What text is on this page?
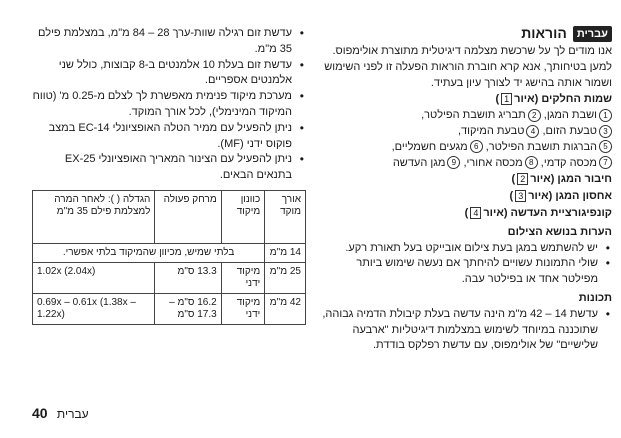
עברית
הוראות

אנו מודים לך על שרכשת מצלמה דיגיטלית מתוצרת אולימפוס. למען בטיחותך, אנא קרא חוברת הוראות הפעלה זו לפני השימוש ושמור אותה בהישג יד לצורך עיון בעתיד.

שמות החלקים (איור1)

1ושבת המגן, 2תבריג תושבת הפילטר,
3טבעת הזום, 4טבעת המיקוד,
5הברגות תושבת הפילטר, 6מגעים חשמליים,
7מכסה קדמי, 8מכסה אחורי, 9מגן העדשה

חיבור המגן (איור2)

אחסון המגן (איור3)

קונפיגורציית העדשה (איור4)

הערות בנושא הצילום

• יש להשתמש במגן בעת צילום אובייקט בעל תאורת רקע.
• שולי התמונות עשויים להיחתך אם נעשה שימוש ביותר מפילטר אחד או בפילטר עבה.

תכונות

• עדשת 14 – 42 מ"מ הינה עדשה בעלת קיבולת הדמיה גבוהה, שתוכננה במיוחד לשימוש במצלמות דיגיטליות "ארבעה שלישיים" של אולימפוס, עם עדשת רפלקס בודדת.
• עדשת זום רגילה שוות-ערך 28 – 84 מ"מ, במצלמת פילם 35 מ"מ.
• עדשת זום בעלת 10 אלמנטים ב-8 קבוצות, כולל שני אלמנטים אספריים.
• מערכת מיקוד פנימית מאפשרת לך לצלם מ-0.25 מ' (טווח המיקוד המינימלי), לכל אורך המוקד.
• ניתן להפעיל עם ממיר הטלה האופציונלי EC-14 במצב פוקוס ידני (MF).
• ניתן להפעיל עם הצינור המאריך האופציונלי EX-25 בתנאים הבאים.
אורך מוקד	כוונון מיקוד	מרחק פעולה	הגדלה ( ): לאחר המרה למצלמת פילם 35 מ"מ
14 מ"מ	בלתי שמיש, מכיוון שהמיקוד בלתי אפשרי.		
25 מ"מ	מיקוד ידני	13.3 ס"מ	1.02x (2.04x)
42 מ"מ	מיקוד ידני	16.2 ס"מ – 17.3 ס"מ	0.69x – 0.61x (1.38x – 1.22x)
40 עברית
